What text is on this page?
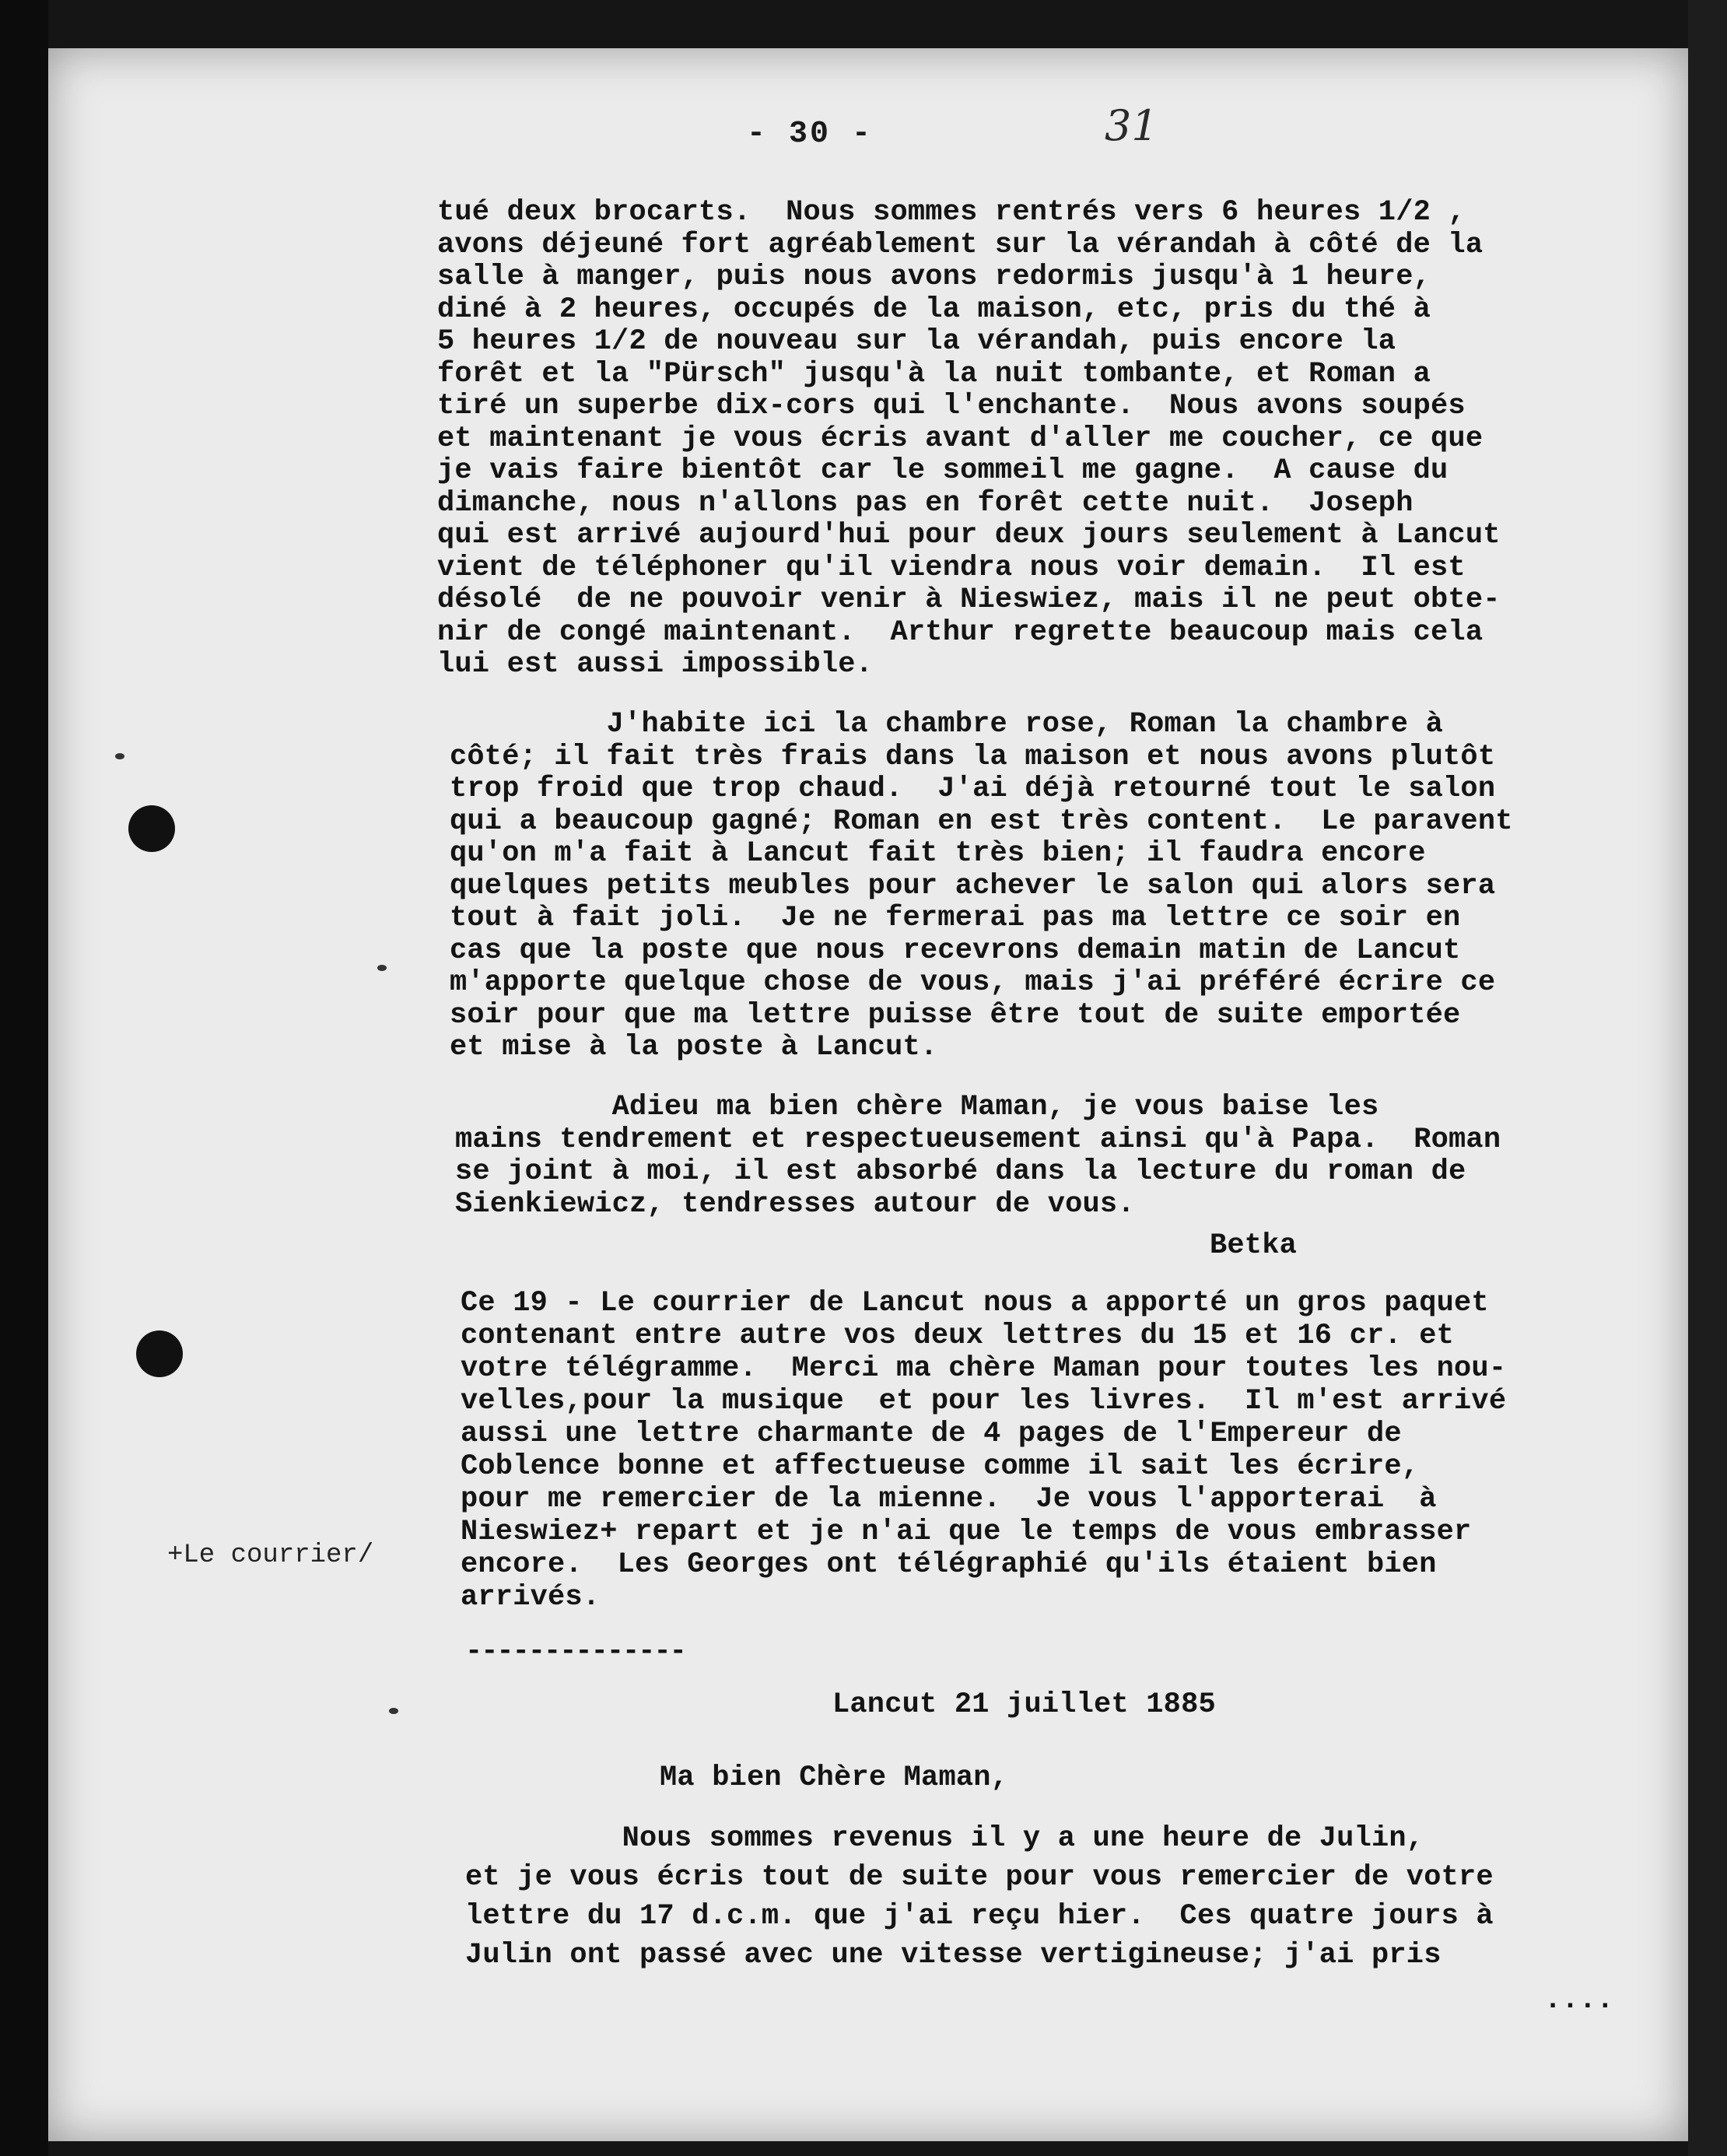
- 30 -	31
tué deux brocarts.  Nous sommes rentrés vers 6 heures 1/2 ,
avons déjeuné fort agréablement sur la vérandah à côté de la
salle à manger, puis nous avons redormis jusqu'à 1 heure,
diné à 2 heures, occupés de la maison, etc, pris du thé à
5 heures 1/2 de nouveau sur la vérandah, puis encore la
forêt et la "Pürsch" jusqu'à la nuit tombante, et Roman a
tiré un superbe dix-cors qui l'enchante.  Nous avons soupés
et maintenant je vous écris avant d'aller me coucher, ce que
je vais faire bientôt car le sommeil me gagne.  A cause du
dimanche, nous n'allons pas en forêt cette nuit.  Joseph
qui est arrivé aujourd'hui pour deux jours seulement à Lancut
vient de téléphoner qu'il viendra nous voir demain.  Il est
désolé  de ne pouvoir venir à Nieswiez, mais il ne peut obte-
nir de congé maintenant.  Arthur regrette beaucoup mais cela
lui est aussi impossible.
J'habite ici la chambre rose, Roman la chambre à
côté; il fait très frais dans la maison et nous avons plutôt
trop froid que trop chaud.  J'ai déjà retourné tout le salon
qui a beaucoup gagné; Roman en est très content.  Le paravent
qu'on m'a fait à Lancut fait très bien; il faudra encore
quelques petits meubles pour achever le salon qui alors sera
tout à fait joli.  Je ne fermerai pas ma lettre ce soir en
cas que la poste que nous recevrons demain matin de Lancut
m'apporte quelque chose de vous, mais j'ai préféré écrire ce
soir pour que ma lettre puisse être tout de suite emportée
et mise à la poste à Lancut.
Adieu ma bien chère Maman, je vous baise les
mains tendrement et respectueusement ainsi qu'à Papa.  Roman
se joint à moi, il est absorbé dans la lecture du roman de
Sienkiewicz, tendresses autour de vous.
Betka
Ce 19 - Le courrier de Lancut nous a apporté un gros paquet
contenant entre autre vos deux lettres du 15 et 16 cr. et
votre télégramme.  Merci ma chère Maman pour toutes les nou-
velles,pour la musique  et pour les livres.  Il m'est arrivé
aussi une lettre charmante de 4 pages de l'Empereur de
Coblence bonne et affectueuse comme il sait les écrire,
pour me remercier de la mienne.  Je vous l'apporterai  à
Nieswiez+ repart et je n'ai que le temps de vous embrasser
encore.  Les Georges ont télégraphié qu'ils étaient bien
arrivés.
+Le courrier/
--------------
Lancut 21 juillet 1885
Ma bien Chère Maman,
Nous sommes revenus il y a une heure de Julin,
et je vous écris tout de suite pour vous remercier de votre
lettre du 17 d.c.m. que j'ai reçu hier.  Ces quatre jours à
Julin ont passé avec une vitesse vertigineuse; j'ai pris
....
